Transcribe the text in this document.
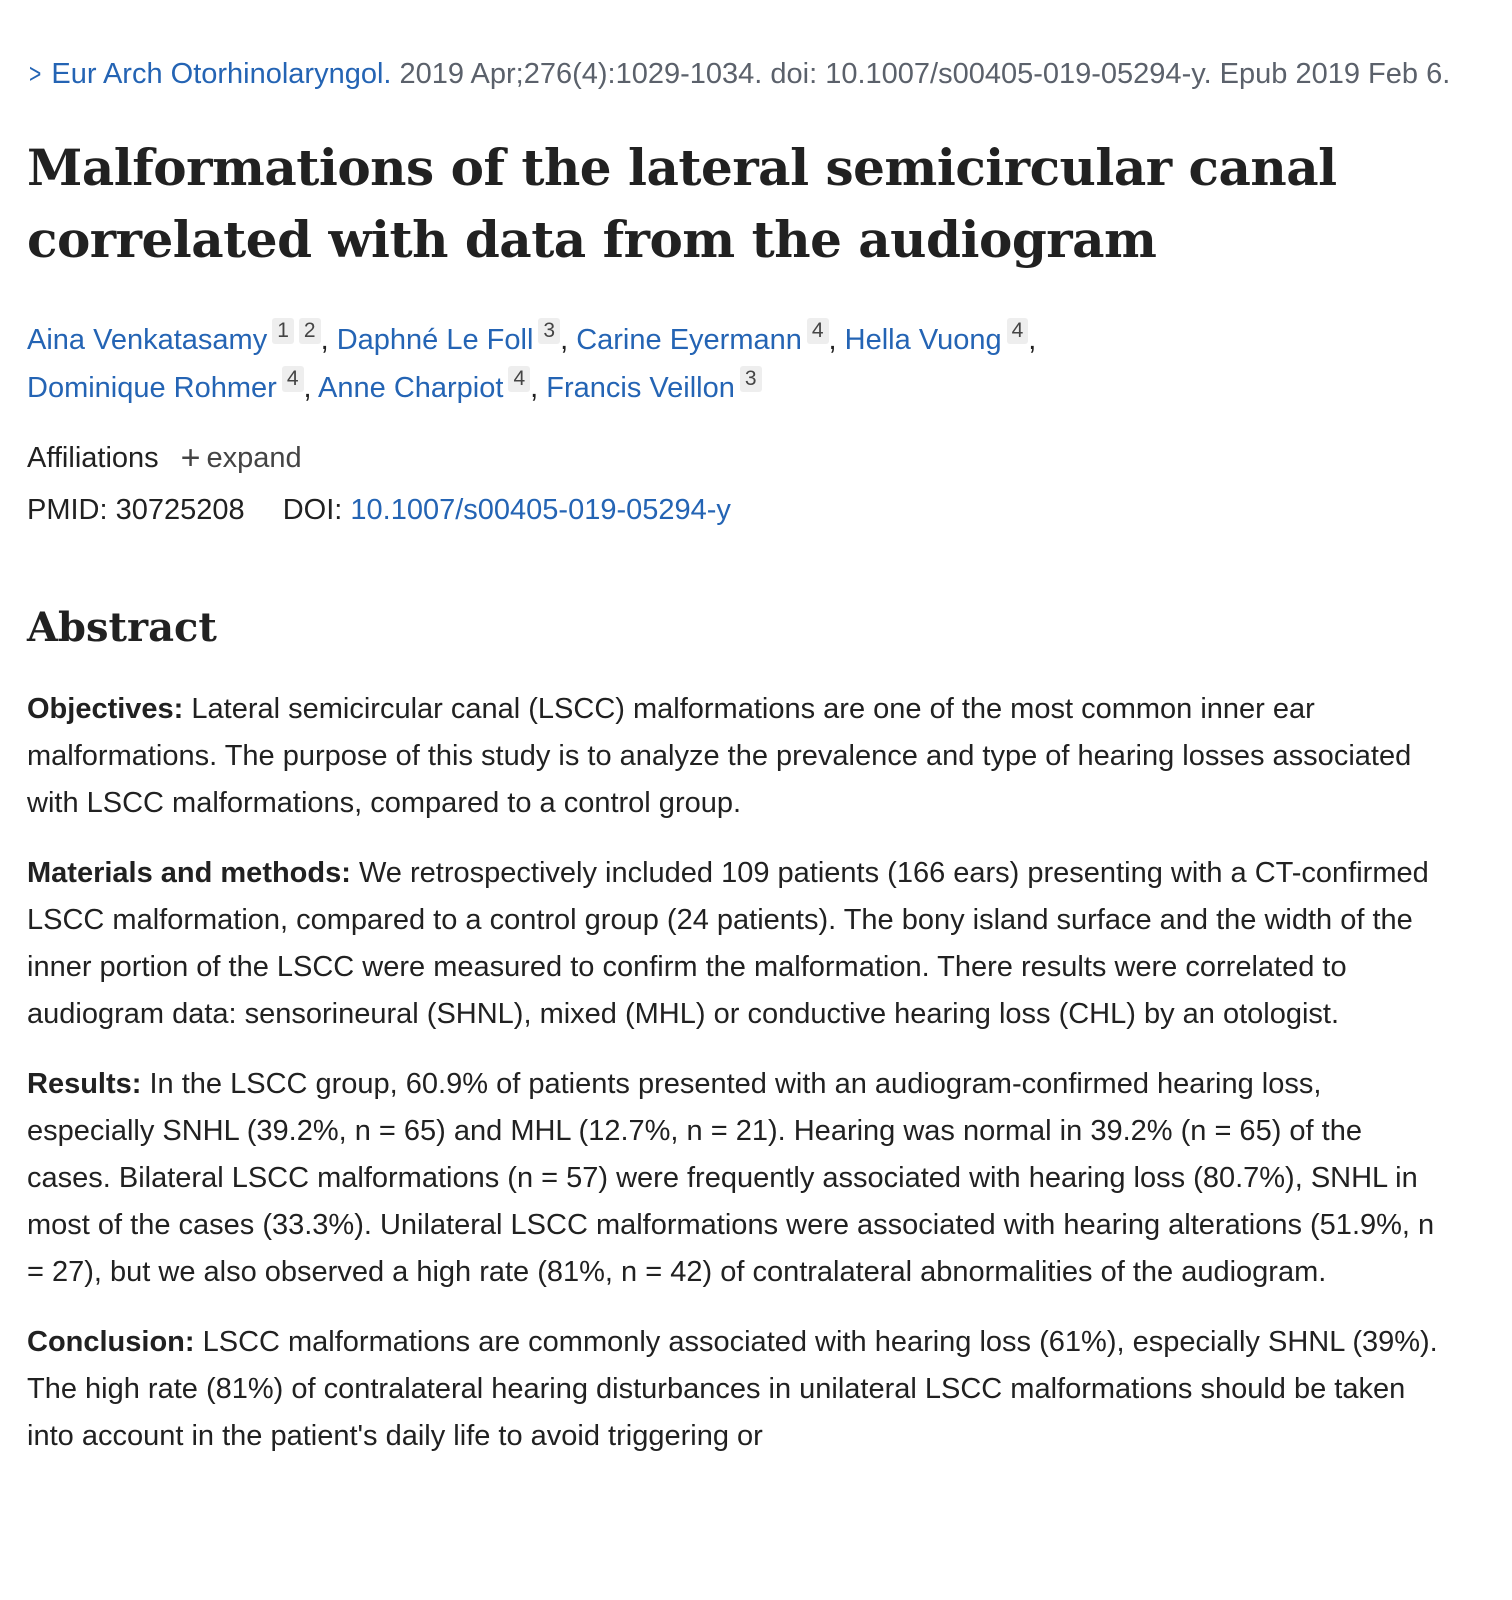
> Eur Arch Otorhinolaryngol. 2019 Apr;276(4):1029-1034. doi: 10.1007/s00405-019-05294-y. Epub 2019 Feb 6.

Malformations of the lateral semicircular canal correlated with data from the audiogram
Aina Venkatasamy 1 2 , Daphné Le Foll 3 , Carine Eyermann 4 , Hella Vuong 4 ,
Dominique Rohmer 4 , Anne Charpiot 4 , Francis Veillon 3
Affiliations + expand
PMID: 30725208 DOI: 10.1007/s00405-019-05294-y
Abstract

Objectives: Lateral semicircular canal (LSCC) malformations are one of the most common inner ear malformations. The purpose of this study is to analyze the prevalence and type of hearing losses associated with LSCC malformations, compared to a control group.

Materials and methods: We retrospectively included 109 patients (166 ears) presenting with a CT-confirmed LSCC malformation, compared to a control group (24 patients). The bony island surface and the width of the inner portion of the LSCC were measured to confirm the malformation. There results were correlated to audiogram data: sensorineural (SHNL), mixed (MHL) or conductive hearing loss (CHL) by an otologist.

Results: In the LSCC group, 60.9% of patients presented with an audiogram-confirmed hearing loss, especially SNHL (39.2%, n = 65) and MHL (12.7%, n = 21). Hearing was normal in 39.2% (n = 65) of the cases. Bilateral LSCC malformations (n = 57) were frequently associated with hearing loss (80.7%), SNHL in most of the cases (33.3%). Unilateral LSCC malformations were associated with hearing alterations (51.9%, n = 27), but we also observed a high rate (81%, n = 42) of contralateral abnormalities of the audiogram.

Conclusion: LSCC malformations are commonly associated with hearing loss (61%), especially SHNL (39%). The high rate (81%) of contralateral hearing disturbances in unilateral LSCC malformations should be taken into account in the patient's daily life to avoid triggering or
